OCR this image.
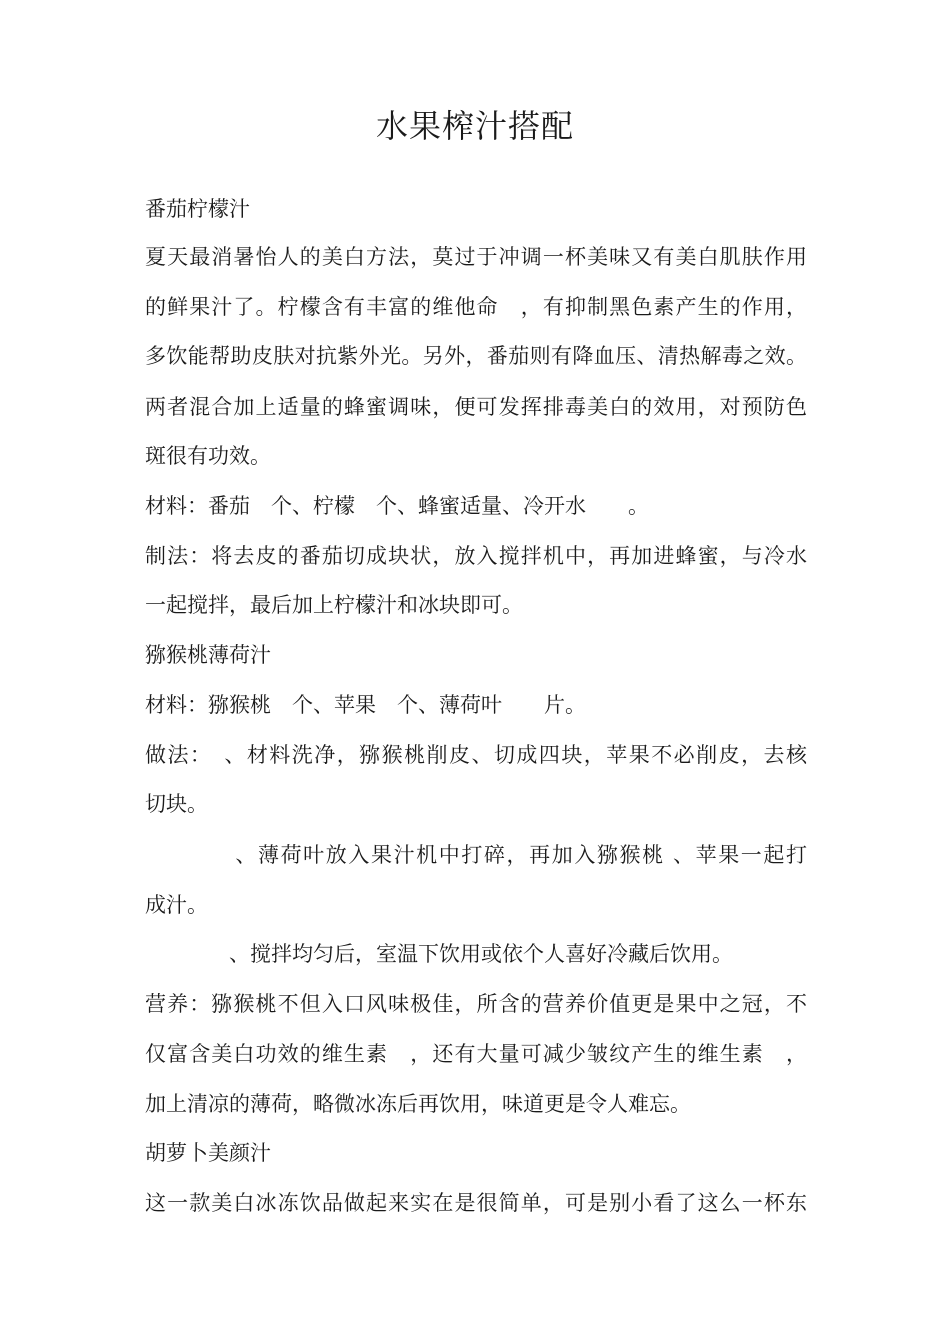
水果榨汁搭配
番茄柠檬汁
夏天最消暑怡人的美白方法，莫过于冲调一杯美味又有美白肌肤作用
的鲜果汁了。柠檬含有丰富的维他命　，有抑制黑色素产生的作用，
多饮能帮助皮肤对抗紫外光。另外，番茄则有降血压、清热解毒之效。
两者混合加上适量的蜂蜜调味，便可发挥排毒美白的效用，对预防色
斑很有功效。
材料：番茄　个、柠檬　个、蜂蜜适量、冷开水　　。
制法：将去皮的番茄切成块状，放入搅拌机中，再加进蜂蜜，与冷水
一起搅拌，最后加上柠檬汁和冰块即可。
猕猴桃薄荷汁
材料：猕猴桃　个、苹果　个、薄荷叶　　片。
做法：　、材料洗净，猕猴桃削皮、切成四块，苹果不必削皮，去核
切块。
　　　　、薄荷叶放入果汁机中打碎，再加入猕猴桃 、苹果一起打
成汁。
　　　　、搅拌均匀后，室温下饮用或依个人喜好冷藏后饮用。
营养：猕猴桃不但入口风味极佳，所含的营养价值更是果中之冠，不
仅富含美白功效的维生素　，还有大量可减少皱纹产生的维生素　，
加上清凉的薄荷，略微冰冻后再饮用，味道更是令人难忘。
胡萝卜美颜汁
这一款美白冰冻饮品做起来实在是很简单，可是别小看了这么一杯东
